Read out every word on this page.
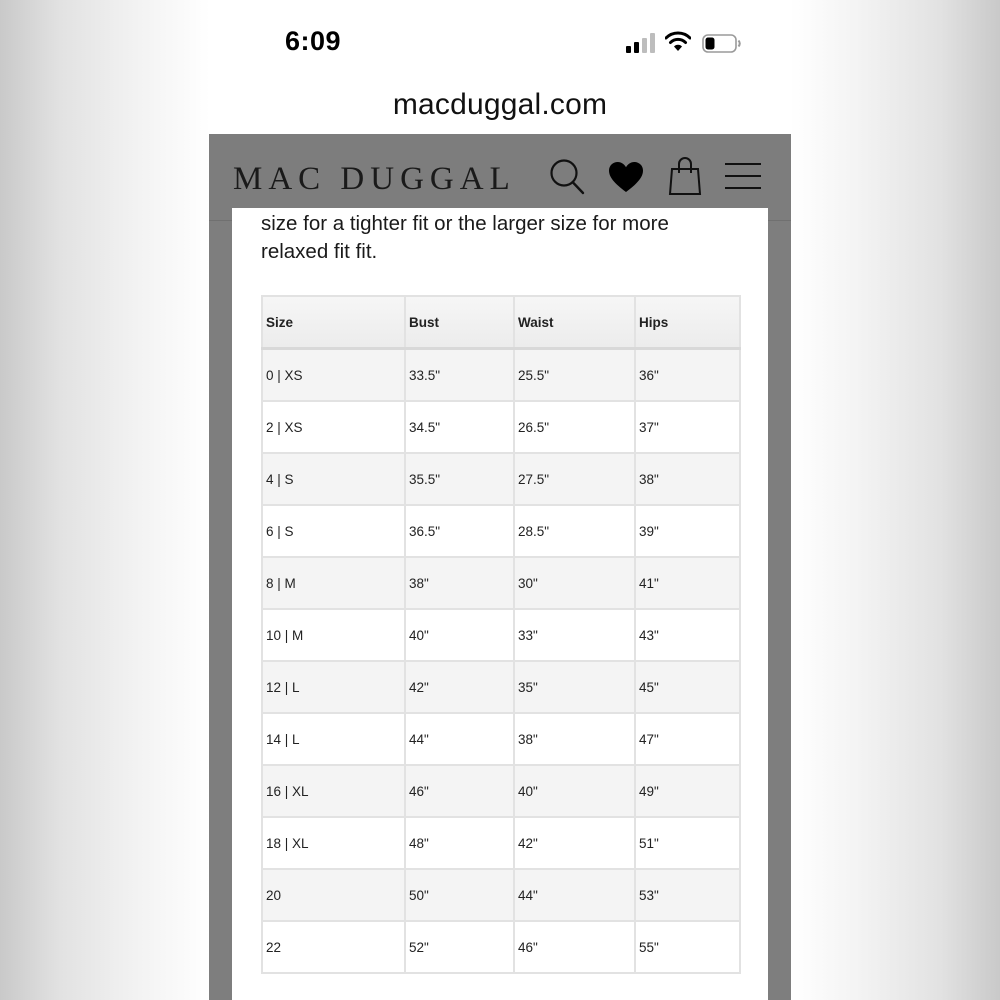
6:09
macduggal.com
MAC DUGGAL
size for a tighter fit or the larger size for more
relaxed fit fit.
Size	Bust	Waist	Hips
0 | XS	33.5"	25.5"	36"
2 | XS	34.5"	26.5"	37"
4 | S	35.5"	27.5"	38"
6 | S	36.5"	28.5"	39"
8 | M	38"	30"	41"
10 | M	40"	33"	43"
12 | L	42"	35"	45"
14 | L	44"	38"	47"
16 | XL	46"	40"	49"
18 | XL	48"	42"	51"
20	50"	44"	53"
22	52"	46"	55"
